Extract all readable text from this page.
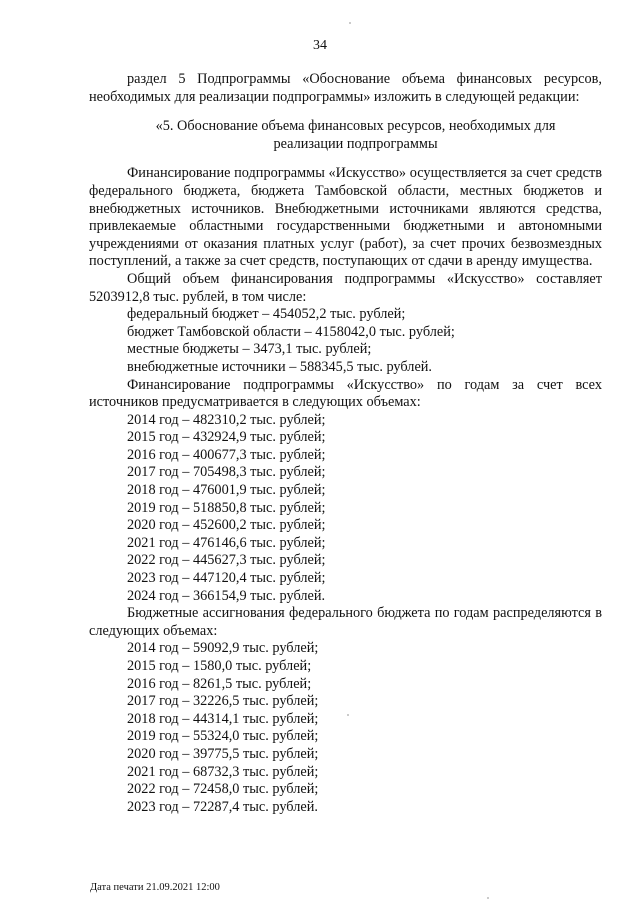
34

раздел 5 Подпрограммы «Обоснование объема финансовых ресурсов, необходимых для реализации подпрограммы» изложить в следующей редакции:

«5. Обоснование объема финансовых ресурсов, необходимых для реализации подпрограммы

Финансирование подпрограммы «Искусство» осуществляется за счет средств федерального бюджета, бюджета Тамбовской области, местных бюджетов и внебюджетных источников. Внебюджетными источниками являются средства, привлекаемые областными государственными бюджетными и автономными учреждениями от оказания платных услуг (работ), за счет прочих безвозмездных поступлений, а также за счет средств, поступающих от сдачи в аренду имущества.

Общий объем финансирования подпрограммы «Искусство» составляет 5203912,8 тыс. рублей, в том числе:

федеральный бюджет – 454052,2 тыс. рублей;

бюджет Тамбовской области – 4158042,0 тыс. рублей;

местные бюджеты – 3473,1 тыс. рублей;

внебюджетные источники – 588345,5 тыс. рублей.

Финансирование подпрограммы «Искусство» по годам за счет всех источников предусматривается в следующих объемах:

2014 год – 482310,2 тыс. рублей;

2015 год – 432924,9 тыс. рублей;

2016 год – 400677,3 тыс. рублей;

2017 год – 705498,3 тыс. рублей;

2018 год – 476001,9 тыс. рублей;

2019 год – 518850,8 тыс. рублей;

2020 год – 452600,2 тыс. рублей;

2021 год – 476146,6 тыс. рублей;

2022 год – 445627,3 тыс. рублей;

2023 год – 447120,4 тыс. рублей;

2024 год – 366154,9 тыс. рублей.

Бюджетные ассигнования федерального бюджета по годам распределяются в следующих объемах:

2014 год – 59092,9 тыс. рублей;

2015 год – 1580,0 тыс. рублей;

2016 год – 8261,5 тыс. рублей;

2017 год – 32226,5 тыс. рублей;

2018 год – 44314,1 тыс. рублей;

2019 год – 55324,0 тыс. рублей;

2020 год – 39775,5 тыс. рублей;

2021 год – 68732,3 тыс. рублей;

2022 год – 72458,0 тыс. рублей;

2023 год – 72287,4 тыс. рублей.

Дата печати 21.09.2021 12:00
